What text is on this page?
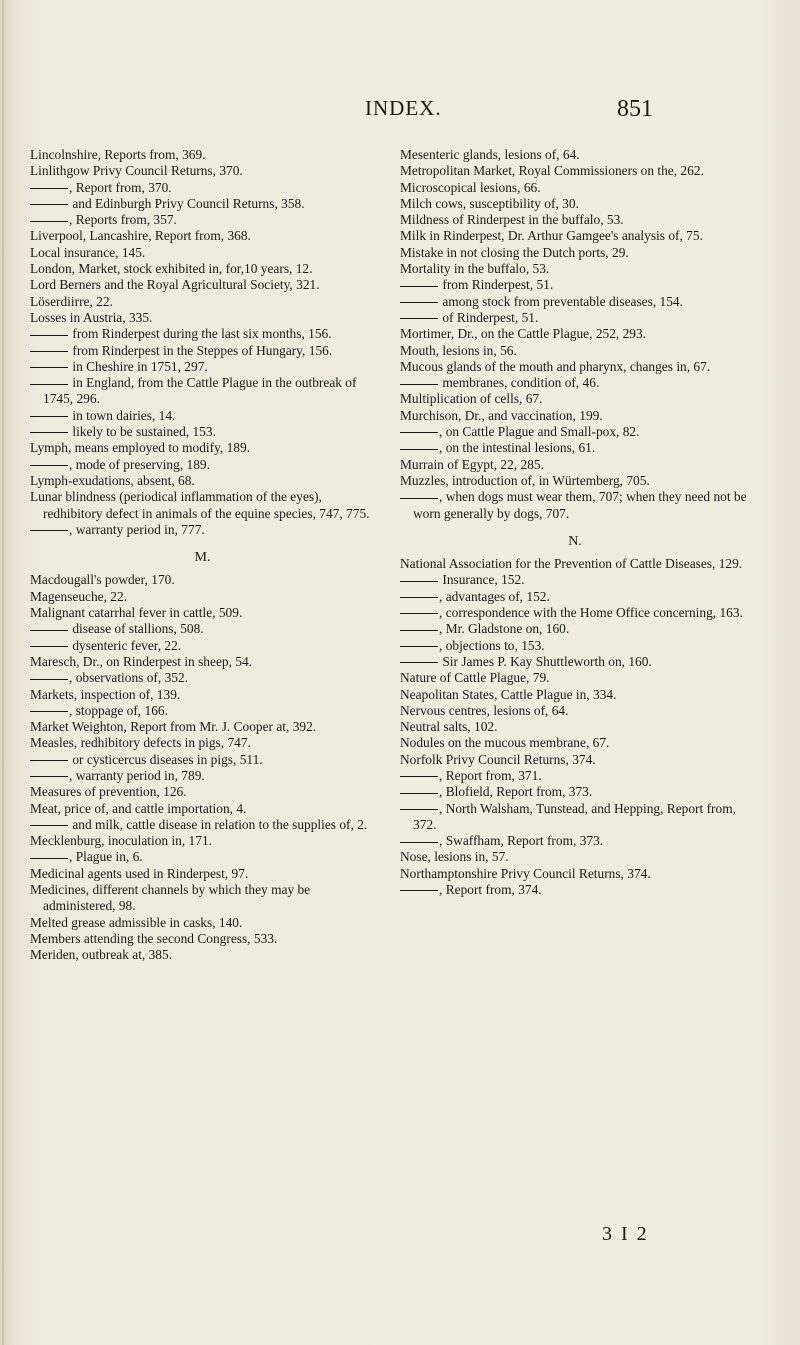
INDEX.	851

Lincolnshire, Reports from, 369.

Linlithgow Privy Council Returns, 370.

, Report from, 370.

and Edinburgh Privy Council Returns, 358.

, Reports from, 357.

Liverpool, Lancashire, Report from, 368.

Local insurance, 145.

London, Market, stock exhibited in, for,10 years, 12.

Lord Berners and the Royal Agricultural Society, 321.

Löserdiirre, 22.

Losses in Austria, 335.

from Rinderpest during the last six months, 156.

from Rinderpest in the Steppes of Hungary, 156.

in Cheshire in 1751, 297.

in England, from the Cattle Plague in the outbreak of 1745, 296.

in town dairies, 14.

likely to be sustained, 153.

Lymph, means employed to modify, 189.

, mode of preserving, 189.

Lymph-exudations, absent, 68.

Lunar blindness (periodical inflammation of the eyes), redhibitory defect in animals of the equine species, 747, 775.

, warranty period in, 777.

M.

Macdougall's powder, 170.

Magenseuche, 22.

Malignant catarrhal fever in cattle, 509.

disease of stallions, 508.

dysenteric fever, 22.

Maresch, Dr., on Rinderpest in sheep, 54.

, observations of, 352.

Markets, inspection of, 139.

, stoppage of, 166.

Market Weighton, Report from Mr. J. Cooper at, 392.

Measles, redhibitory defects in pigs, 747.

or cysticercus diseases in pigs, 511.

, warranty period in, 789.

Measures of prevention, 126.

Meat, price of, and cattle importation, 4.

and milk, cattle disease in relation to the supplies of, 2.

Mecklenburg, inoculation in, 171.

, Plague in, 6.

Medicinal agents used in Rinderpest, 97.

Medicines, different channels by which they may be administered, 98.

Melted grease admissible in casks, 140.

Members attending the second Congress, 533.

Meriden, outbreak at, 385.

Mesenteric glands, lesions of, 64.

Metropolitan Market, Royal Commissioners on the, 262.

Microscopical lesions, 66.

Milch cows, susceptibility of, 30.

Mildness of Rinderpest in the buffalo, 53.

Milk in Rinderpest, Dr. Arthur Gamgee's analysis of, 75.

Mistake in not closing the Dutch ports, 29.

Mortality in the buffalo, 53.

from Rinderpest, 51.

among stock from preventable diseases, 154.

of Rinderpest, 51.

Mortimer, Dr., on the Cattle Plague, 252, 293.

Mouth, lesions in, 56.

Mucous glands of the mouth and pharynx, changes in, 67.

membranes, condition of, 46.

Multiplication of cells, 67.

Murchison, Dr., and vaccination, 199.

, on Cattle Plague and Small-pox, 82.

, on the intestinal lesions, 61.

Murrain of Egypt, 22, 285.

Muzzles, introduction of, in Würtemberg, 705.

, when dogs must wear them, 707; when they need not be worn generally by dogs, 707.

N.

National Association for the Prevention of Cattle Diseases, 129.

Insurance, 152.

, advantages of, 152.

, correspondence with the Home Office concerning, 163.

, Mr. Gladstone on, 160.

, objections to, 153.

Sir James P. Kay Shuttleworth on, 160.

Nature of Cattle Plague, 79.

Neapolitan States, Cattle Plague in, 334.

Nervous centres, lesions of, 64.

Neutral salts, 102.

Nodules on the mucous membrane, 67.

Norfolk Privy Council Returns, 374.

, Report from, 371.

, Blofield, Report from, 373.

, North Walsham, Tunstead, and Hepping, Report from, 372.

, Swaffham, Report from, 373.

Nose, lesions in, 57.

Northamptonshire Privy Council Returns, 374.

, Report from, 374.

3 I 2
